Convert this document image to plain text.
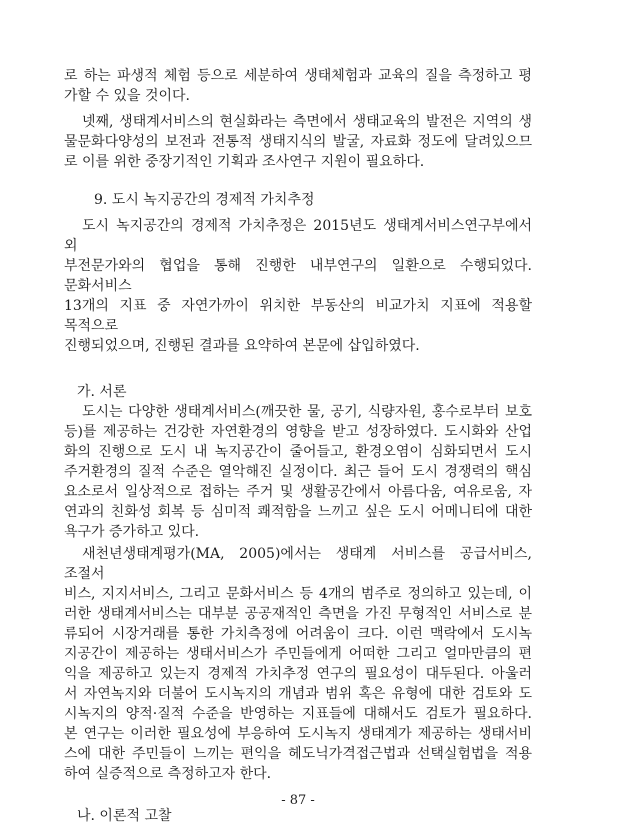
로 하는 파생적 체험 등으로 세분하여 생태체험과 교육의 질을 측정하고 평
가할 수 있을 것이다.
넷째, 생태계서비스의 현실화라는 측면에서 생태교육의 발전은 지역의 생
물문화다양성의 보전과 전통적 생태지식의 발굴, 자료화 정도에 달려있으므
로 이를 위한 중장기적인 기획과 조사연구 지원이 필요하다.
9. 도시 녹지공간의 경제적 가치추정
도시 녹지공간의 경제적 가치추정은 2015년도 생태계서비스연구부에서 외
부전문가와의 협업을 통해 진행한 내부연구의 일환으로 수행되었다. 문화서비스
13개의 지표 중 자연가까이 위치한 부동산의 비교가치 지표에 적용할 목적으로
진행되었으며, 진행된 결과를 요약하여 본문에 삽입하였다.
가. 서론
도시는 다양한 생태계서비스(깨끗한 물, 공기, 식량자원, 홍수로부터 보호
등)를 제공하는 건강한 자연환경의 영향을 받고 성장하였다. 도시화와 산업
화의 진행으로 도시 내 녹지공간이 줄어들고, 환경오염이 심화되면서 도시
주거환경의 질적 수준은 열악해진 실정이다. 최근 들어 도시 경쟁력의 핵심
요소로서 일상적으로 접하는 주거 및 생활공간에서 아름다움, 여유로움, 자
연과의 친화성 회복 등 심미적 쾌적함을 느끼고 싶은 도시 어메니티에 대한
욕구가 증가하고 있다.
새천년생태계평가(MA, 2005)에서는 생태계 서비스를 공급서비스, 조절서
비스, 지지서비스, 그리고 문화서비스 등 4개의 범주로 정의하고 있는데, 이
러한 생태계서비스는 대부분 공공재적인 측면을 가진 무형적인 서비스로 분
류되어 시장거래를 통한 가치측정에 어려움이 크다. 이런 맥락에서 도시녹
지공간이 제공하는 생태서비스가 주민들에게 어떠한 그리고 얼마만큼의 편
익을 제공하고 있는지 경제적 가치추정 연구의 필요성이 대두된다. 아울러
서 자연녹지와 더불어 도시녹지의 개념과 범위 혹은 유형에 대한 검토와 도
시녹지의 양적·질적 수준을 반영하는 지표들에 대해서도 검토가 필요하다.
본 연구는 이러한 필요성에 부응하여 도시녹지 생태계가 제공하는 생태서비
스에 대한 주민들이 느끼는 편익을 헤도닉가격접근법과 선택실험법을 적용
하여 실증적으로 측정하고자 한다.
나. 이론적 고찰
- 87 -
